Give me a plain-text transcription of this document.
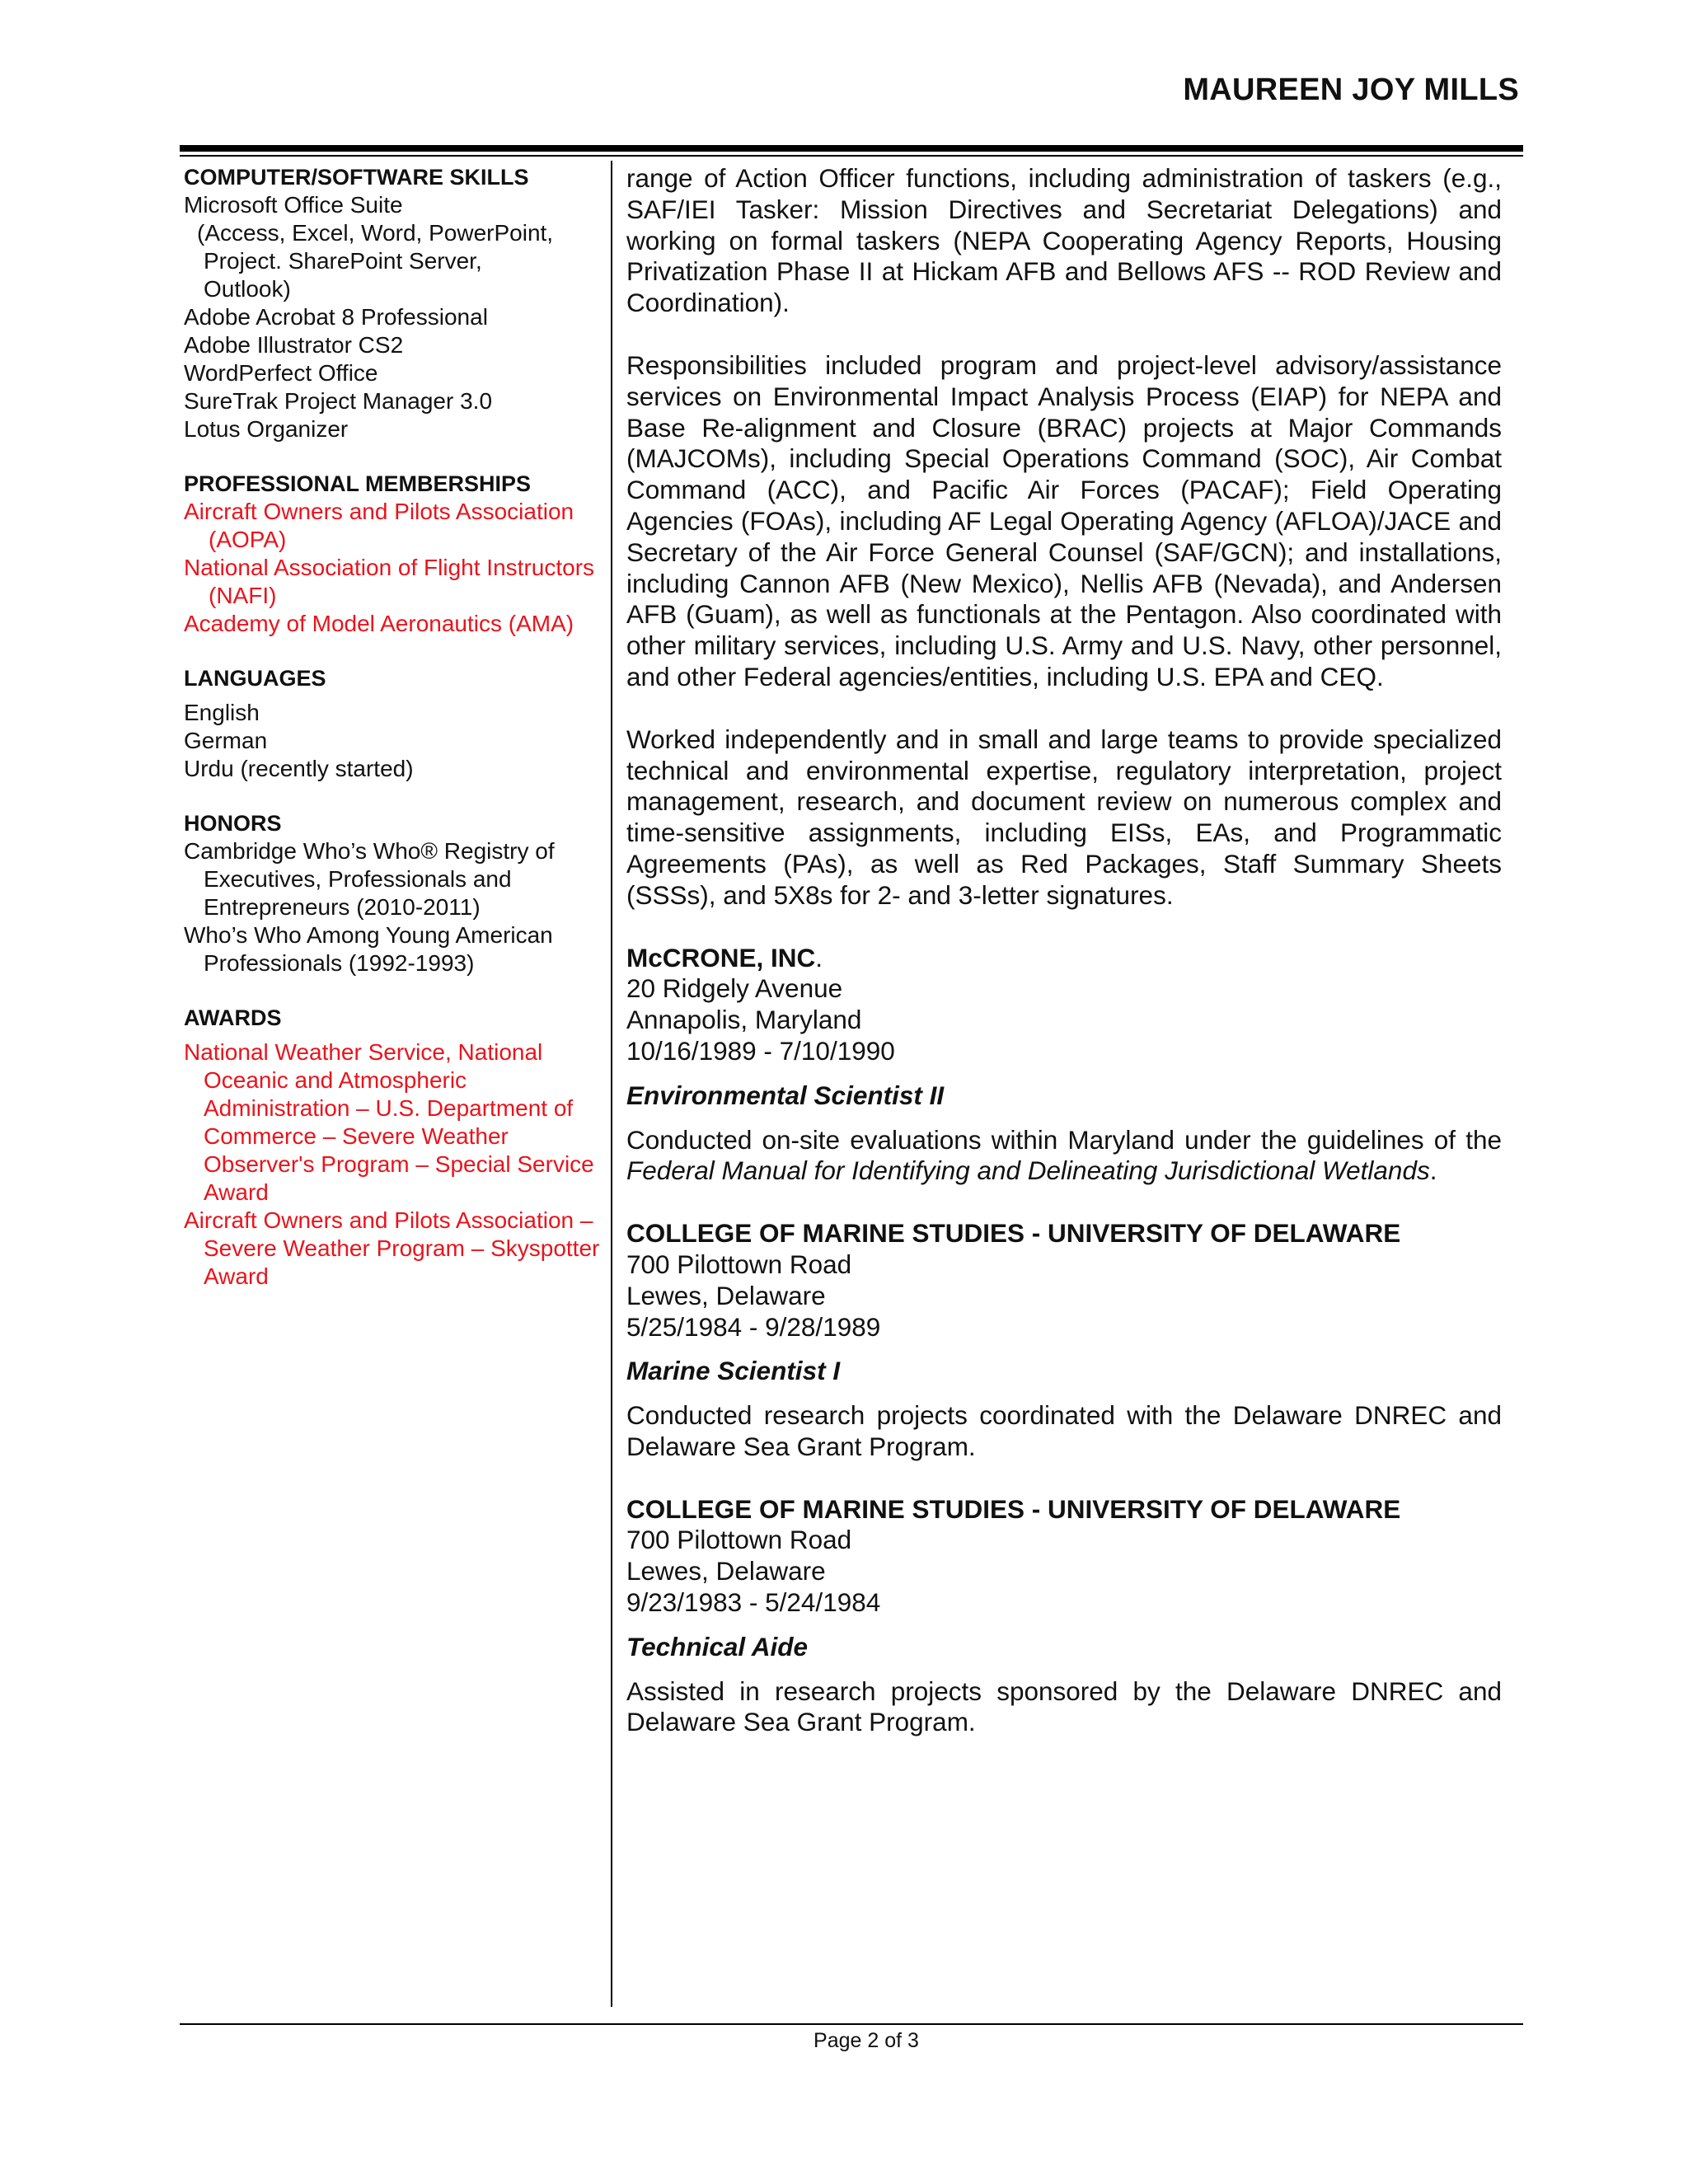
MAUREEN JOY MILLS
COMPUTER/SOFTWARE SKILLS
Microsoft Office Suite
(Access, Excel, Word, PowerPoint,
Project. SharePoint Server,
Outlook)
Adobe Acrobat 8 Professional
Adobe Illustrator CS2
WordPerfect Office
SureTrak Project Manager 3.0
Lotus Organizer
PROFESSIONAL MEMBERSHIPS
Aircraft Owners and Pilots Association (AOPA)
National Association of Flight Instructors (NAFI)
Academy of Model Aeronautics (AMA)
LANGUAGES
English
German
Urdu (recently started)
HONORS
Cambridge Who’s Who® Registry of Executives, Professionals and Entrepreneurs (2010-2011)
Who’s Who Among Young American Professionals (1992-1993)
AWARDS
National Weather Service, National Oceanic and Atmospheric Administration – U.S. Department of Commerce – Severe Weather Observer's Program – Special Service Award
Aircraft Owners and Pilots Association – Severe Weather Program – Skyspotter Award

range of Action Officer functions, including administration of taskers (e.g., SAF/IEI Tasker: Mission Directives and Secretariat Delegations) and working on formal taskers (NEPA Cooperating Agency Reports, Housing Privatization Phase II at Hickam AFB and Bellows AFS -- ROD Review and Coordination).

Responsibilities included program and project-level advisory/assistance services on Environmental Impact Analysis Process (EIAP) for NEPA and Base Re-alignment and Closure (BRAC) projects at Major Commands (MAJCOMs), including Special Operations Command (SOC), Air Combat Command (ACC), and Pacific Air Forces (PACAF); Field Operating Agencies (FOAs), including AF Legal Operating Agency (AFLOA)/JACE and Secretary of the Air Force General Counsel (SAF/GCN); and installations, including Cannon AFB (New Mexico), Nellis AFB (Nevada), and Andersen AFB (Guam), as well as functionals at the Pentagon. Also coordinated with other military services, including U.S. Army and U.S. Navy, other personnel, and other Federal agencies/entities, including U.S. EPA and CEQ.

Worked independently and in small and large teams to provide specialized technical and environmental expertise, regulatory interpretation, project management, research, and document review on numerous complex and time-sensitive assignments, including EISs, EAs, and Programmatic Agreements (PAs), as well as Red Packages, Staff Summary Sheets (SSSs), and 5X8s for 2- and 3-letter signatures.

McCRONE, INC.
20 Ridgely Avenue
Annapolis, Maryland
10/16/1989 - 7/10/1990
Environmental Scientist II

Conducted on-site evaluations within Maryland under the guidelines of the Federal Manual for Identifying and Delineating Jurisdictional Wetlands.

COLLEGE OF MARINE STUDIES - UNIVERSITY OF DELAWARE
700 Pilottown Road
Lewes, Delaware
5/25/1984 - 9/28/1989
Marine Scientist I

Conducted research projects coordinated with the Delaware DNREC and Delaware Sea Grant Program.

COLLEGE OF MARINE STUDIES - UNIVERSITY OF DELAWARE
700 Pilottown Road
Lewes, Delaware
9/23/1983 - 5/24/1984
Technical Aide

Assisted in research projects sponsored by the Delaware DNREC and Delaware Sea Grant Program.

Page 2 of 3
